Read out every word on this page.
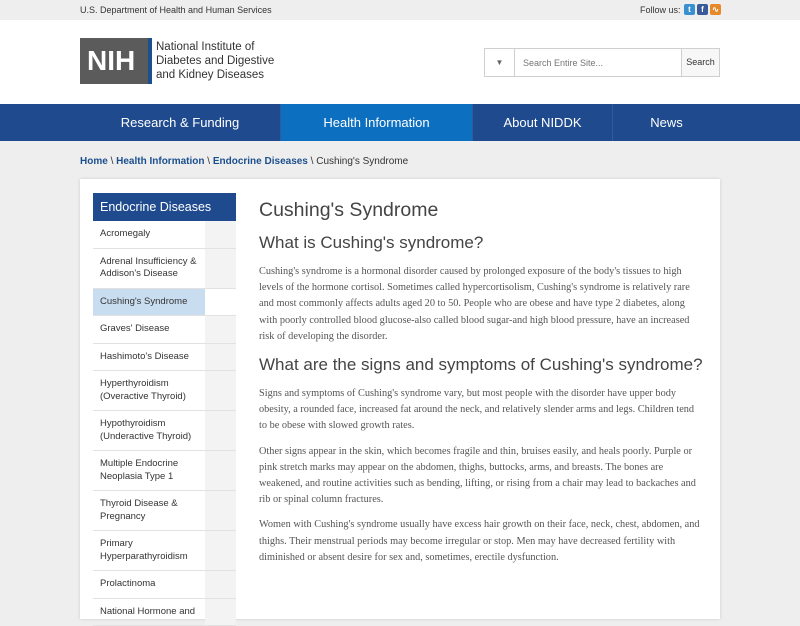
U.S. Department of Health and Human Services	Follow us: t	f	∿
NIH National Institute of
Diabetes and Digestive
and Kidney Diseases
▼
Search Entire Site...	Search
Research & Funding	Health Information	About NIDDK	News
Home \ Health Information \ Endocrine Diseases \ Cushing's Syndrome
Endocrine Diseases
Acromegaly
Adrenal Insufficiency & Addison's Disease
Cushing's Syndrome
Graves' Disease
Hashimoto's Disease
Hyperthyroidism (Overactive Thyroid)
Hypothyroidism (Underactive Thyroid)
Multiple Endocrine Neoplasia Type 1
Thyroid Disease & Pregnancy
Primary Hyperparathyroidism
Prolactinoma
National Hormone and
Cushing's Syndrome
What is Cushing's syndrome?

Cushing's syndrome is a hormonal disorder caused by prolonged exposure of the body's tissues to high levels of the hormone cortisol. Sometimes called hypercortisolism, Cushing's syndrome is relatively rare and most commonly affects adults aged 20 to 50. People who are obese and have type 2 diabetes, along with poorly controlled blood glucose-also called blood sugar-and high blood pressure, have an increased risk of developing the disorder.

What are the signs and symptoms of Cushing's syndrome?

Signs and symptoms of Cushing's syndrome vary, but most people with the disorder have upper body obesity, a rounded face, increased fat around the neck, and relatively slender arms and legs. Children tend to be obese with slowed growth rates.

Other signs appear in the skin, which becomes fragile and thin, bruises easily, and heals poorly. Purple or pink stretch marks may appear on the abdomen, thighs, buttocks, arms, and breasts. The bones are weakened, and routine activities such as bending, lifting, or rising from a chair may lead to backaches and rib or spinal column fractures.

Women with Cushing's syndrome usually have excess hair growth on their face, neck, chest, abdomen, and thighs. Their menstrual periods may become irregular or stop. Men may have decreased fertility with diminished or absent desire for sex and, sometimes, erectile dysfunction.
